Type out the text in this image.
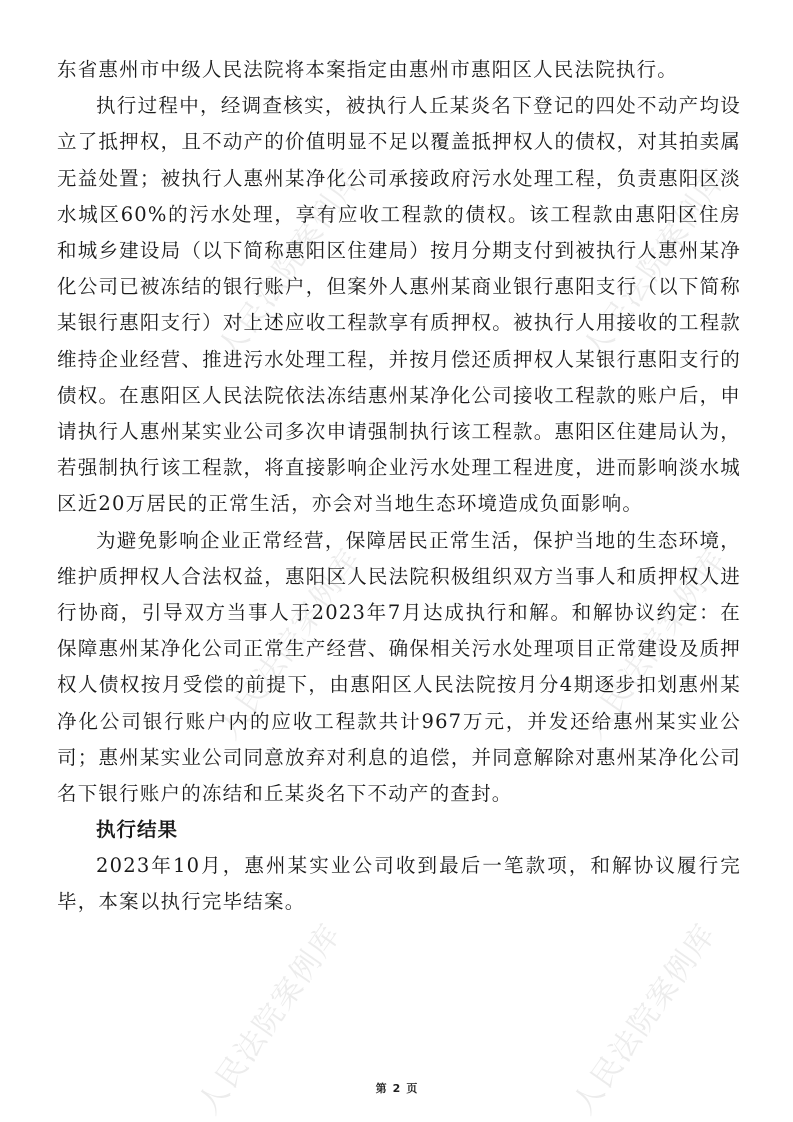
人民法院案例库	人民法院案例库
人民法院案例库	人民法院案例库
人民法院案例库	人民法院案例库

东省惠州市中级人民法院将本案指定由惠州市惠阳区人民法院执行。

执行过程中，经调查核实，被执行人丘某炎名下登记的四处不动产均设立了抵押权，且不动产的价值明显不足以覆盖抵押权人的债权，对其拍卖属无益处置；被执行人惠州某净化公司承接政府污水处理工程，负责惠阳区淡水城区60%的污水处理，享有应收工程款的债权。该工程款由惠阳区住房和城乡建设局（以下简称惠阳区住建局）按月分期支付到被执行人惠州某净化公司已被冻结的银行账户，但案外人惠州某商业银行惠阳支行（以下简称某银行惠阳支行）对上述应收工程款享有质押权。被执行人用接收的工程款维持企业经营、推进污水处理工程，并按月偿还质押权人某银行惠阳支行的债权。在惠阳区人民法院依法冻结惠州某净化公司接收工程款的账户后，申请执行人惠州某实业公司多次申请强制执行该工程款。惠阳区住建局认为，若强制执行该工程款，将直接影响企业污水处理工程进度，进而影响淡水城区近20万居民的正常生活，亦会对当地生态环境造成负面影响。

为避免影响企业正常经营，保障居民正常生活，保护当地的生态环境，维护质押权人合法权益，惠阳区人民法院积极组织双方当事人和质押权人进行协商，引导双方当事人于2023年7月达成执行和解。和解协议约定：在保障惠州某净化公司正常生产经营、确保相关污水处理项目正常建设及质押权人债权按月受偿的前提下，由惠阳区人民法院按月分4期逐步扣划惠州某净化公司银行账户内的应收工程款共计967万元，并发还给惠州某实业公司；惠州某实业公司同意放弃对利息的追偿，并同意解除对惠州某净化公司名下银行账户的冻结和丘某炎名下不动产的查封。

执行结果

2023年10月，惠州某实业公司收到最后一笔款项，和解协议履行完毕，本案以执行完毕结案。

第 2 页
